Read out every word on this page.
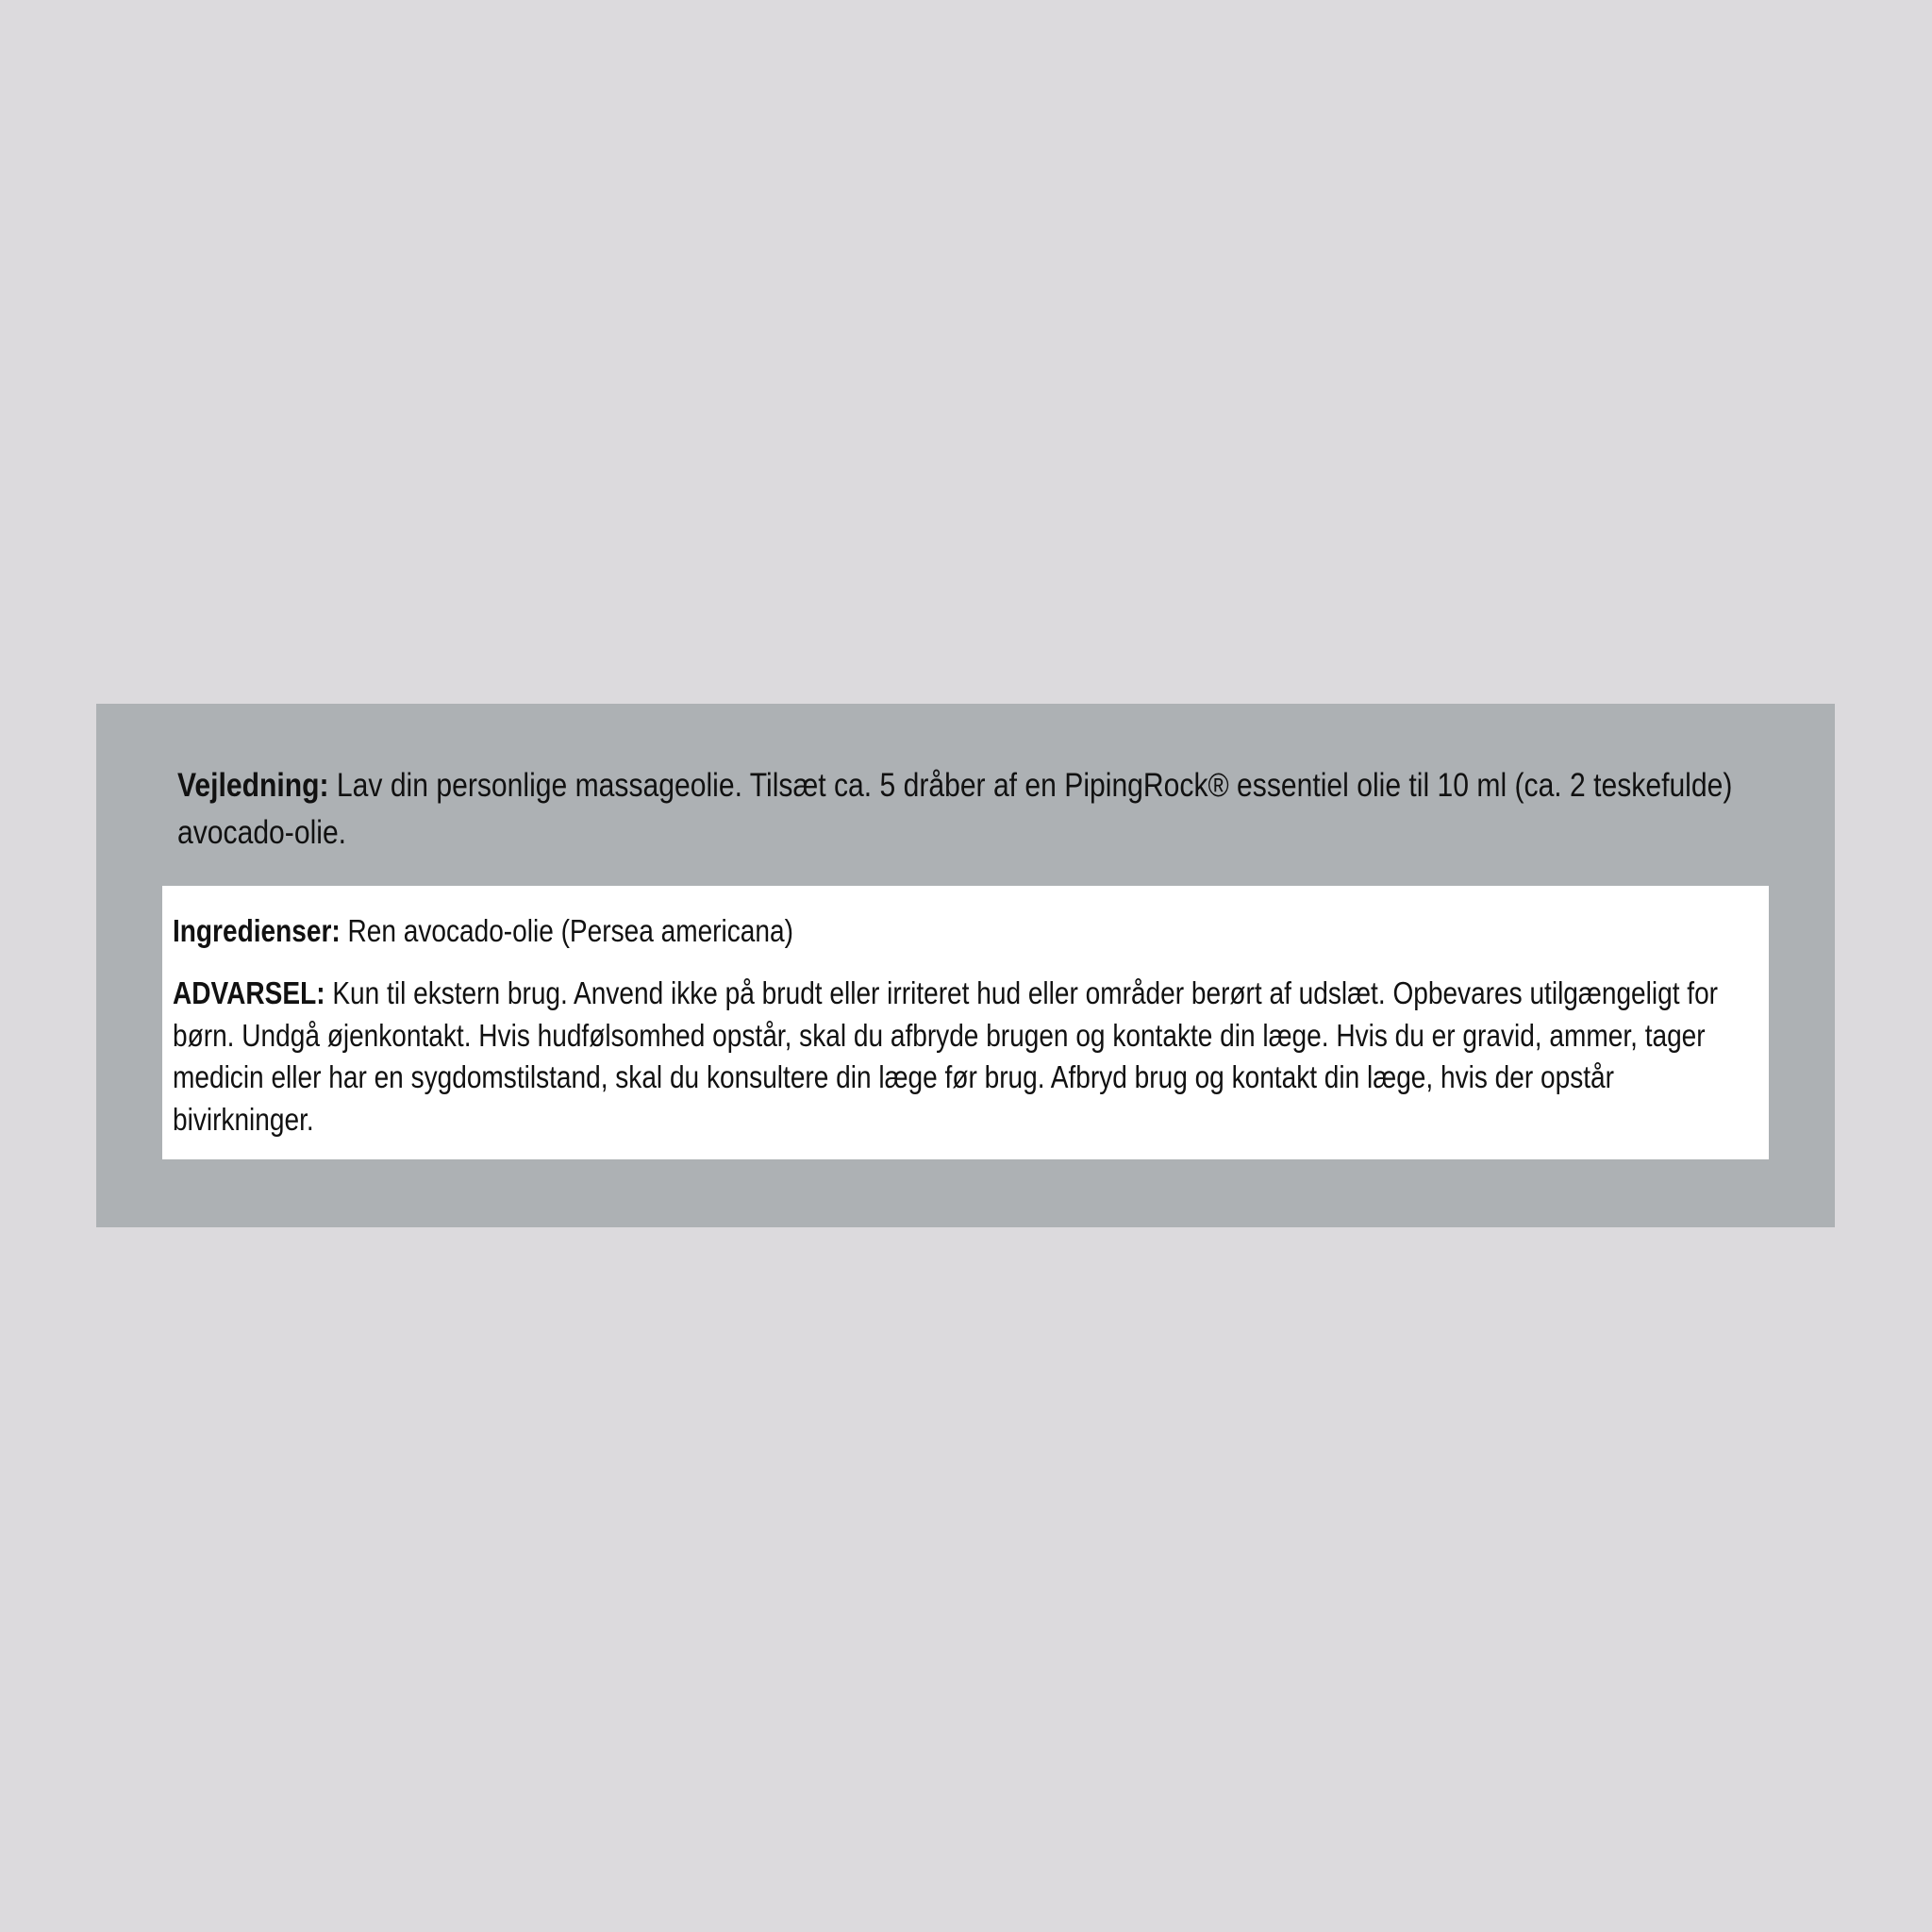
Vejledning: Lav din personlige massageolie. Tilsæt ca. 5 dråber af en PipingRock® essentiel olie til 10 ml (ca. 2 teskefulde) avocado-olie.

Ingredienser: Ren avocado-olie (Persea americana)

ADVARSEL: Kun til ekstern brug. Anvend ikke på brudt eller irriteret hud eller områder berørt af udslæt. Opbevares utilgængeligt for børn. Undgå øjenkontakt. Hvis hudfølsomhed opstår, skal du afbryde brugen og kontakte din læge. Hvis du er gravid, ammer, tager medicin eller har en sygdomstilstand, skal du konsultere din læge før brug. Afbryd brug og kontakt din læge, hvis der opstår bivirkninger.
